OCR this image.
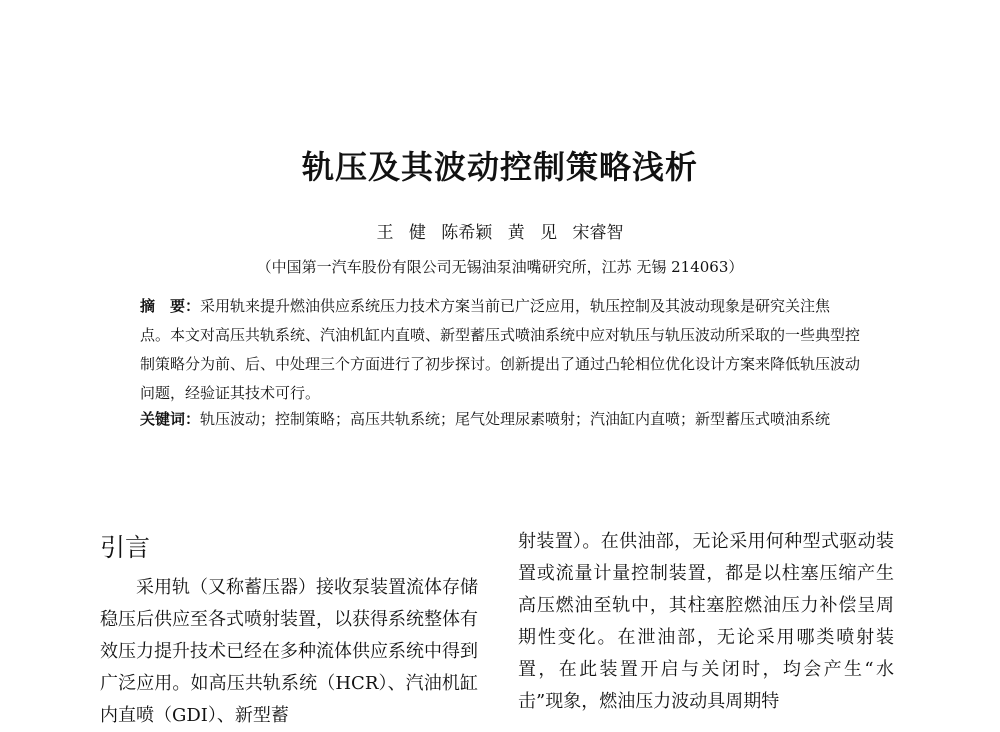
轨压及其波动控制策略浅析
王 健 陈希颖 黄 见 宋睿智
（中国第一汽车股份有限公司无锡油泵油嘴研究所，江苏 无锡 214063）
摘　要：采用轨来提升燃油供应系统压力技术方案当前已广泛应用，轨压控制及其波动现象是研究关注焦点。本文对高压共轨系统、汽油机缸内直喷、新型蓄压式喷油系统中应对轨压与轨压波动所采取的一些典型控制策略分为前、后、中处理三个方面进行了初步探讨。创新提出了通过凸轮相位优化设计方案来降低轨压波动问题，经验证其技术可行。
关键词：轨压波动；控制策略；高压共轨系统；尾气处理尿素喷射；汽油缸内直喷；新型蓄压式喷油系统
引言
采用轨（又称蓄压器）接收泵装置流体存储稳压后供应至各式喷射装置，以获得系统整体有效压力提升技术已经在多种流体供应系统中得到广泛应用。如高压共轨系统（HCR）、汽油机缸内直喷（GDI）、新型蓄
射装置）。在供油部，无论采用何种型式驱动装置或流量计量控制装置，都是以柱塞压缩产生高压燃油至轨中，其柱塞腔燃油压力补偿呈周期性变化。在泄油部，无论采用哪类喷射装置，在此装置开启与关闭时，均会产生“水击”现象，燃油压力波动具周期特
